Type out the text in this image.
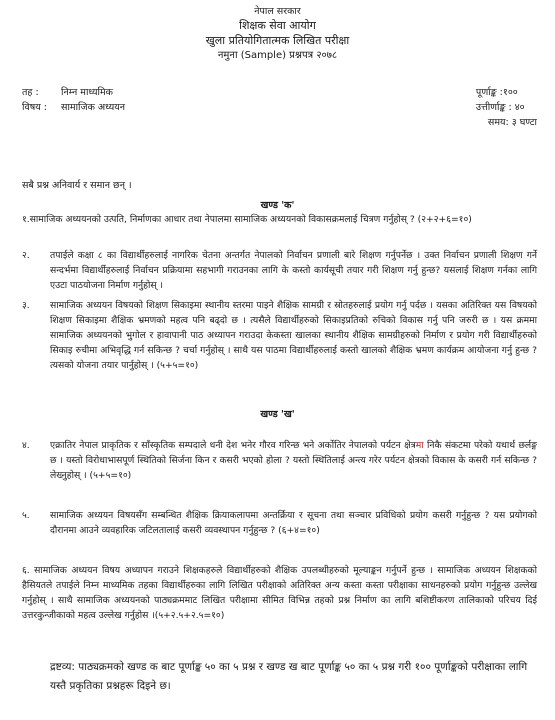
नेपाल सरकार
शिक्षक सेवा आयोग
खुला प्रतियोगितात्मक लिखित परीक्षा
नमुना (Sample) प्रश्नपत्र २०७८
तह : निम्न माध्यमिक
विषय : सामाजिक अध्ययन
पूर्णाङ्क :१००
उत्तीर्णाङ्क : ४०
समय: ३ घण्टा
सबै प्रश्न अनिवार्य र समान छन् ।
खण्ड 'क'
१.सामाजिक अध्ययनको उत्पति, निर्माणका आधार तथा नेपालमा सामाजिक अध्ययनको विकासक्रमलाई चित्रण गर्नुहोस् ? (२+२+६=१०)
२. तपाईले कक्षा ८ का विद्यार्थीहरुलाई नागरिक चेतना अन्तर्गत नेपालको निर्वाचन प्रणाली बारे शिक्षण गर्नुपर्नेछ । उक्त निर्वाचन प्रणाली शिक्षण गर्ने सन्दर्भमा विद्यार्थीहरुलाई निर्वाचन प्रक्रियामा सहभागी गराउनका लागि के कस्तो कार्यसूची तयार गरी शिक्षण गर्नु हुन्छ? यसलाई शिक्षण गर्नका लागि एउटा पाठयोजना निर्माण गर्नुहोस् ।
३. सामाजिक अध्ययन विषयको शिक्षण सिकाइमा स्थानीय स्तरमा पाइने शैक्षिक सामग्री र स्रोतहरुलाई प्रयोग गर्नु पर्दछ । यसका अतिरिक्त यस विषयको शिक्षण सिकाइमा शैक्षिक भ्रमणको महत्व पनि बढ्दो छ । त्यसैले विद्यार्थीहरुको सिकाइप्रतिको रुचिको विकास गर्नु पनि जरुरी छ । यस क्रममा सामाजिक अध्ययनको भुगोल र हावापानी पाठ अध्यापन गराउदा केकस्ता खालका स्थानीय शैक्षिक सामग्रीहरुको निर्माण र प्रयोग गरी विद्यार्थीहरुको सिकाइ रुचीमा अभिवृद्धि गर्न सकिन्छ ? चर्चा गर्नुहोस् । साथै यस पाठमा विद्यार्थीहरुलाई कस्तो खालको शैक्षिक भ्रमण कार्यक्रम आयोजना गर्नु हुन्छ ? त्यसको योजना तयार पार्नुहोस् । (५+५=१०)
खण्ड 'ख'
४. एक्रातिर नेपाल प्राकृतिक र साँस्कृतिक सम्पदाले धनी देश भनेर गौरव गरिन्छ भने अर्कोतिर नेपालको पर्यटन क्षेत्रमा निकै संकटमा परेको यथार्थ छर्लङ्ग छ । यस्तो विरोधाभासपूर्ण स्थितिको सिर्जना किन र कसरी भएको होला ? यस्तो स्थितिलाई अन्त्य गरेर पर्यटन क्षेत्रको विकास के कसरी गर्न सकिन्छ ? लेख्नुहोस् । (५+५=१०)
५. सामाजिक अध्ययन विषयसँग सम्बन्धित शैक्षिक क्रियाकलापमा अन्तर्क्रिया र सूचना तथा सञ्चार प्रविधिको प्रयोग कसरी गर्नुहुन्छ ? यस प्रयोगको दौरानमा आउने व्यवहारिक जटिलतालाई कसरी व्यवस्थापन गर्नुहुन्छ ? (६+४=१०)
६. सामाजिक अध्ययन विषय अध्यापन गराउने शिक्षकहरुले विद्यार्थीहरुको शैक्षिक उपलब्धीहरुको मूल्याङ्कन गर्नुपर्ने हुन्छ । सामाजिक अध्ययन शिक्षकको हैसियतले तपाईले निम्न माध्यमिक तहका विद्यार्थीहरुका लागि लिखित परीक्षाको अतिरिक्त अन्य कस्ता कस्ता परीक्षाका साधनहरुको प्रयोग गर्नुहुन्छ उल्लेख गर्नुहोस् । साथै सामाजिक अध्ययनको पाठ्यक्रममाट लिखित परीक्षामा सीमित विभिन्न तहको प्रश्न निर्माण का लागि बशिष्टीकरण तालिकाको परिचय दिई उत्तरकुन्जीकाको महत्व उल्लेख गर्नुहोस ।(५+२.५+२.५=१०)
द्रष्टव्य: पाठ्यक्रमको खण्ड क बाट पूर्णाङ्क ५० का ५ प्रश्न र खण्ड ख बाट पूर्णाङ्क ५० का ५ प्रश्न गरी १०० पूर्णाङ्कको परीक्षाका लागि यस्तै प्रकृतिका प्रश्नहरू दिइने छ।
